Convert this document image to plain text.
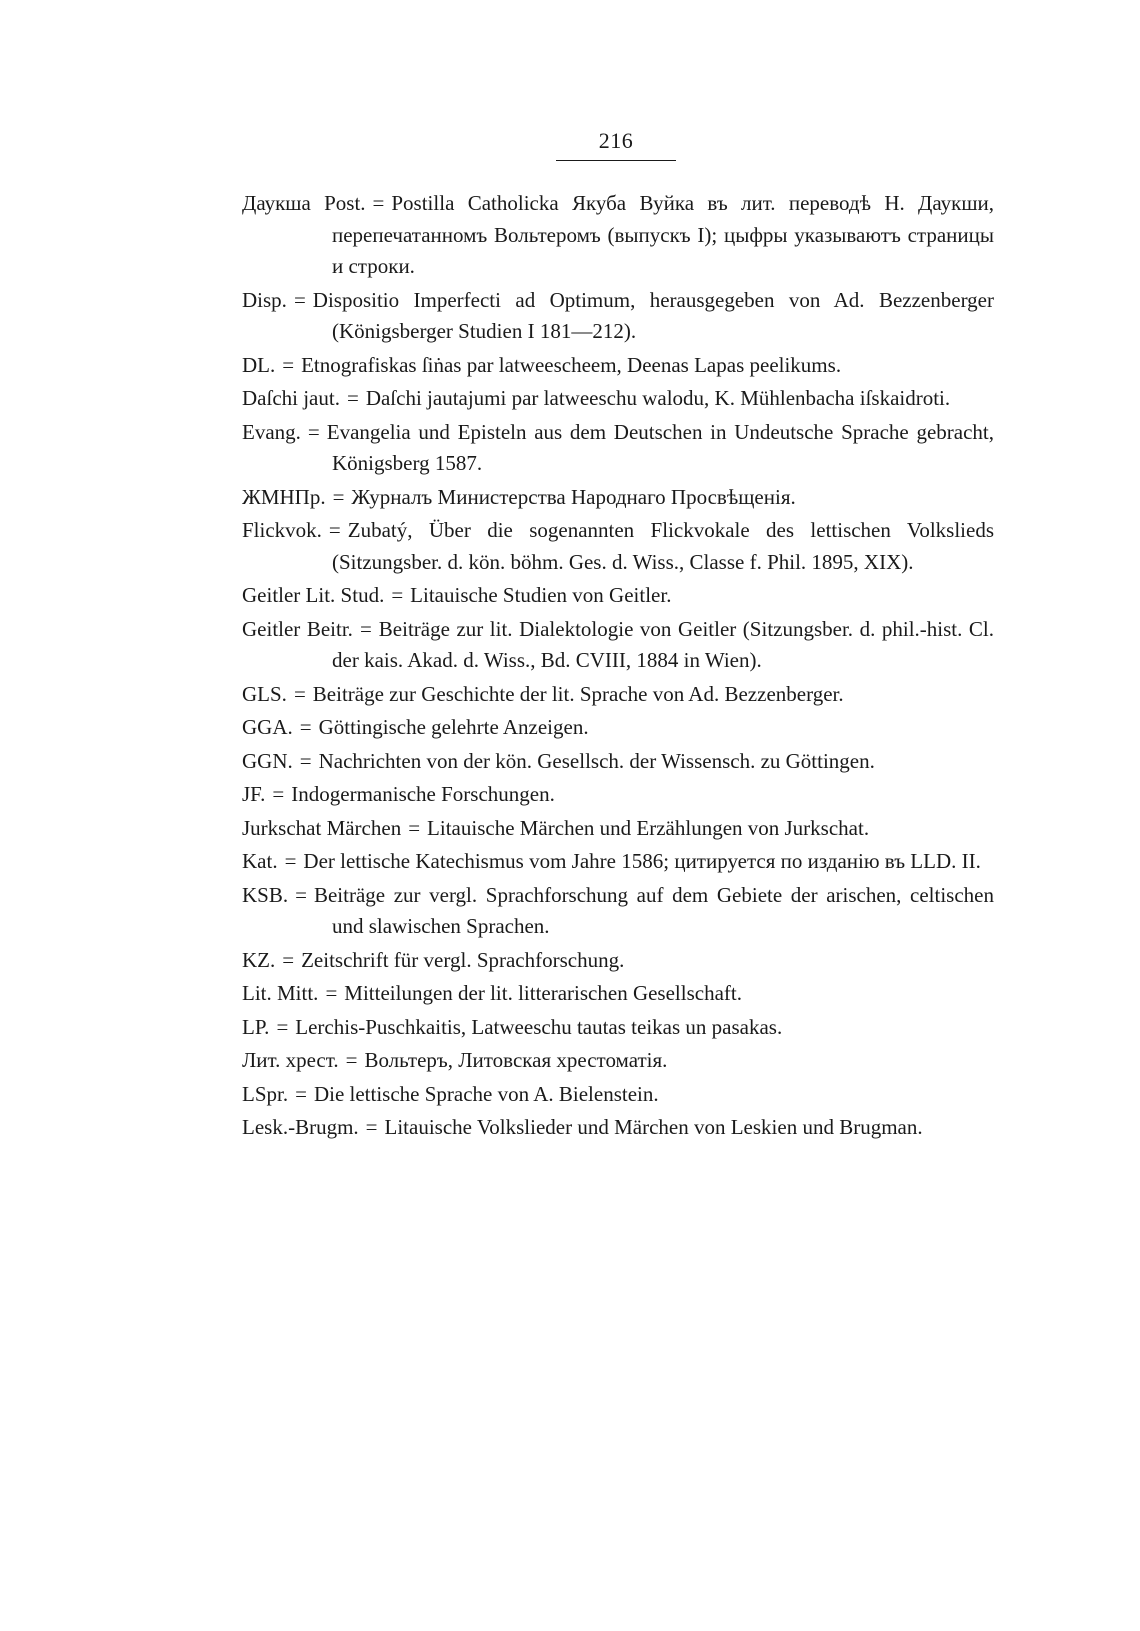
216

Даукша Post. = Postilla Catholicka Якуба Вуйка въ лит. переводѣ Н. Даукши, перепечатанномъ Вольтеромъ (выпускъ I); цыфры указываютъ страницы и строки.

Disp. = Dispositio Imperfecti ad Optimum, herausgegeben von Ad. Bezzenberger (Königsberger Studien I 181—212).

DL. = Etnografiskas ſiṅas par latweescheem, Deenas Lapas peelikums.

Daſchi jaut. = Daſchi jautajumi par latweeschu walodu, K. Mühlenbacha iſskaidroti.

Evang. = Evangelia und Episteln aus dem Deutschen in Undeutsche Sprache gebracht, Königsberg 1587.

ЖМНПр. = Журналъ Министерства Народнаго Просвѣщенія.

Flickvok. = Zubatý, Über die sogenannten Flickvokale des lettischen Volkslieds (Sitzungsber. d. kön. böhm. Ges. d. Wiss., Classe f. Phil. 1895, XIX).

Geitler Lit. Stud. = Litauische Studien von Geitler.

Geitler Beitr. = Beiträge zur lit. Dialektologie von Geitler (Sitzungsber. d. phil.-hist. Cl. der kais. Akad. d. Wiss., Bd. CVIII, 1884 in Wien).

GLS. = Beiträge zur Geschichte der lit. Sprache von Ad. Bezzenberger.

GGA. = Göttingische gelehrte Anzeigen.

GGN. = Nachrichten von der kön. Gesellsch. der Wissensch. zu Göttingen.

JF. = Indogermanische Forschungen.

Jurkschat Märchen = Litauische Märchen und Erzählungen von Jurkschat.

Kat. = Der lettische Katechismus vom Jahre 1586; цитируется по изданію въ LLD. II.

KSB. = Beiträge zur vergl. Sprachforschung auf dem Gebiete der arischen, celtischen und slawischen Sprachen.

KZ. = Zeitschrift für vergl. Sprachforschung.

Lit. Mitt. = Mitteilungen der lit. litterarischen Gesellschaft.

LP. = Lerchis-Puschkaitis, Latweeschu tautas teikas un pasakas.

Лит. хрест. = Вольтеръ, Литовская хрестоматія.

LSpr. = Die lettische Sprache von A. Bielenstein.

Lesk.-Brugm. = Litauische Volkslieder und Märchen von Leskien und Brugman.
